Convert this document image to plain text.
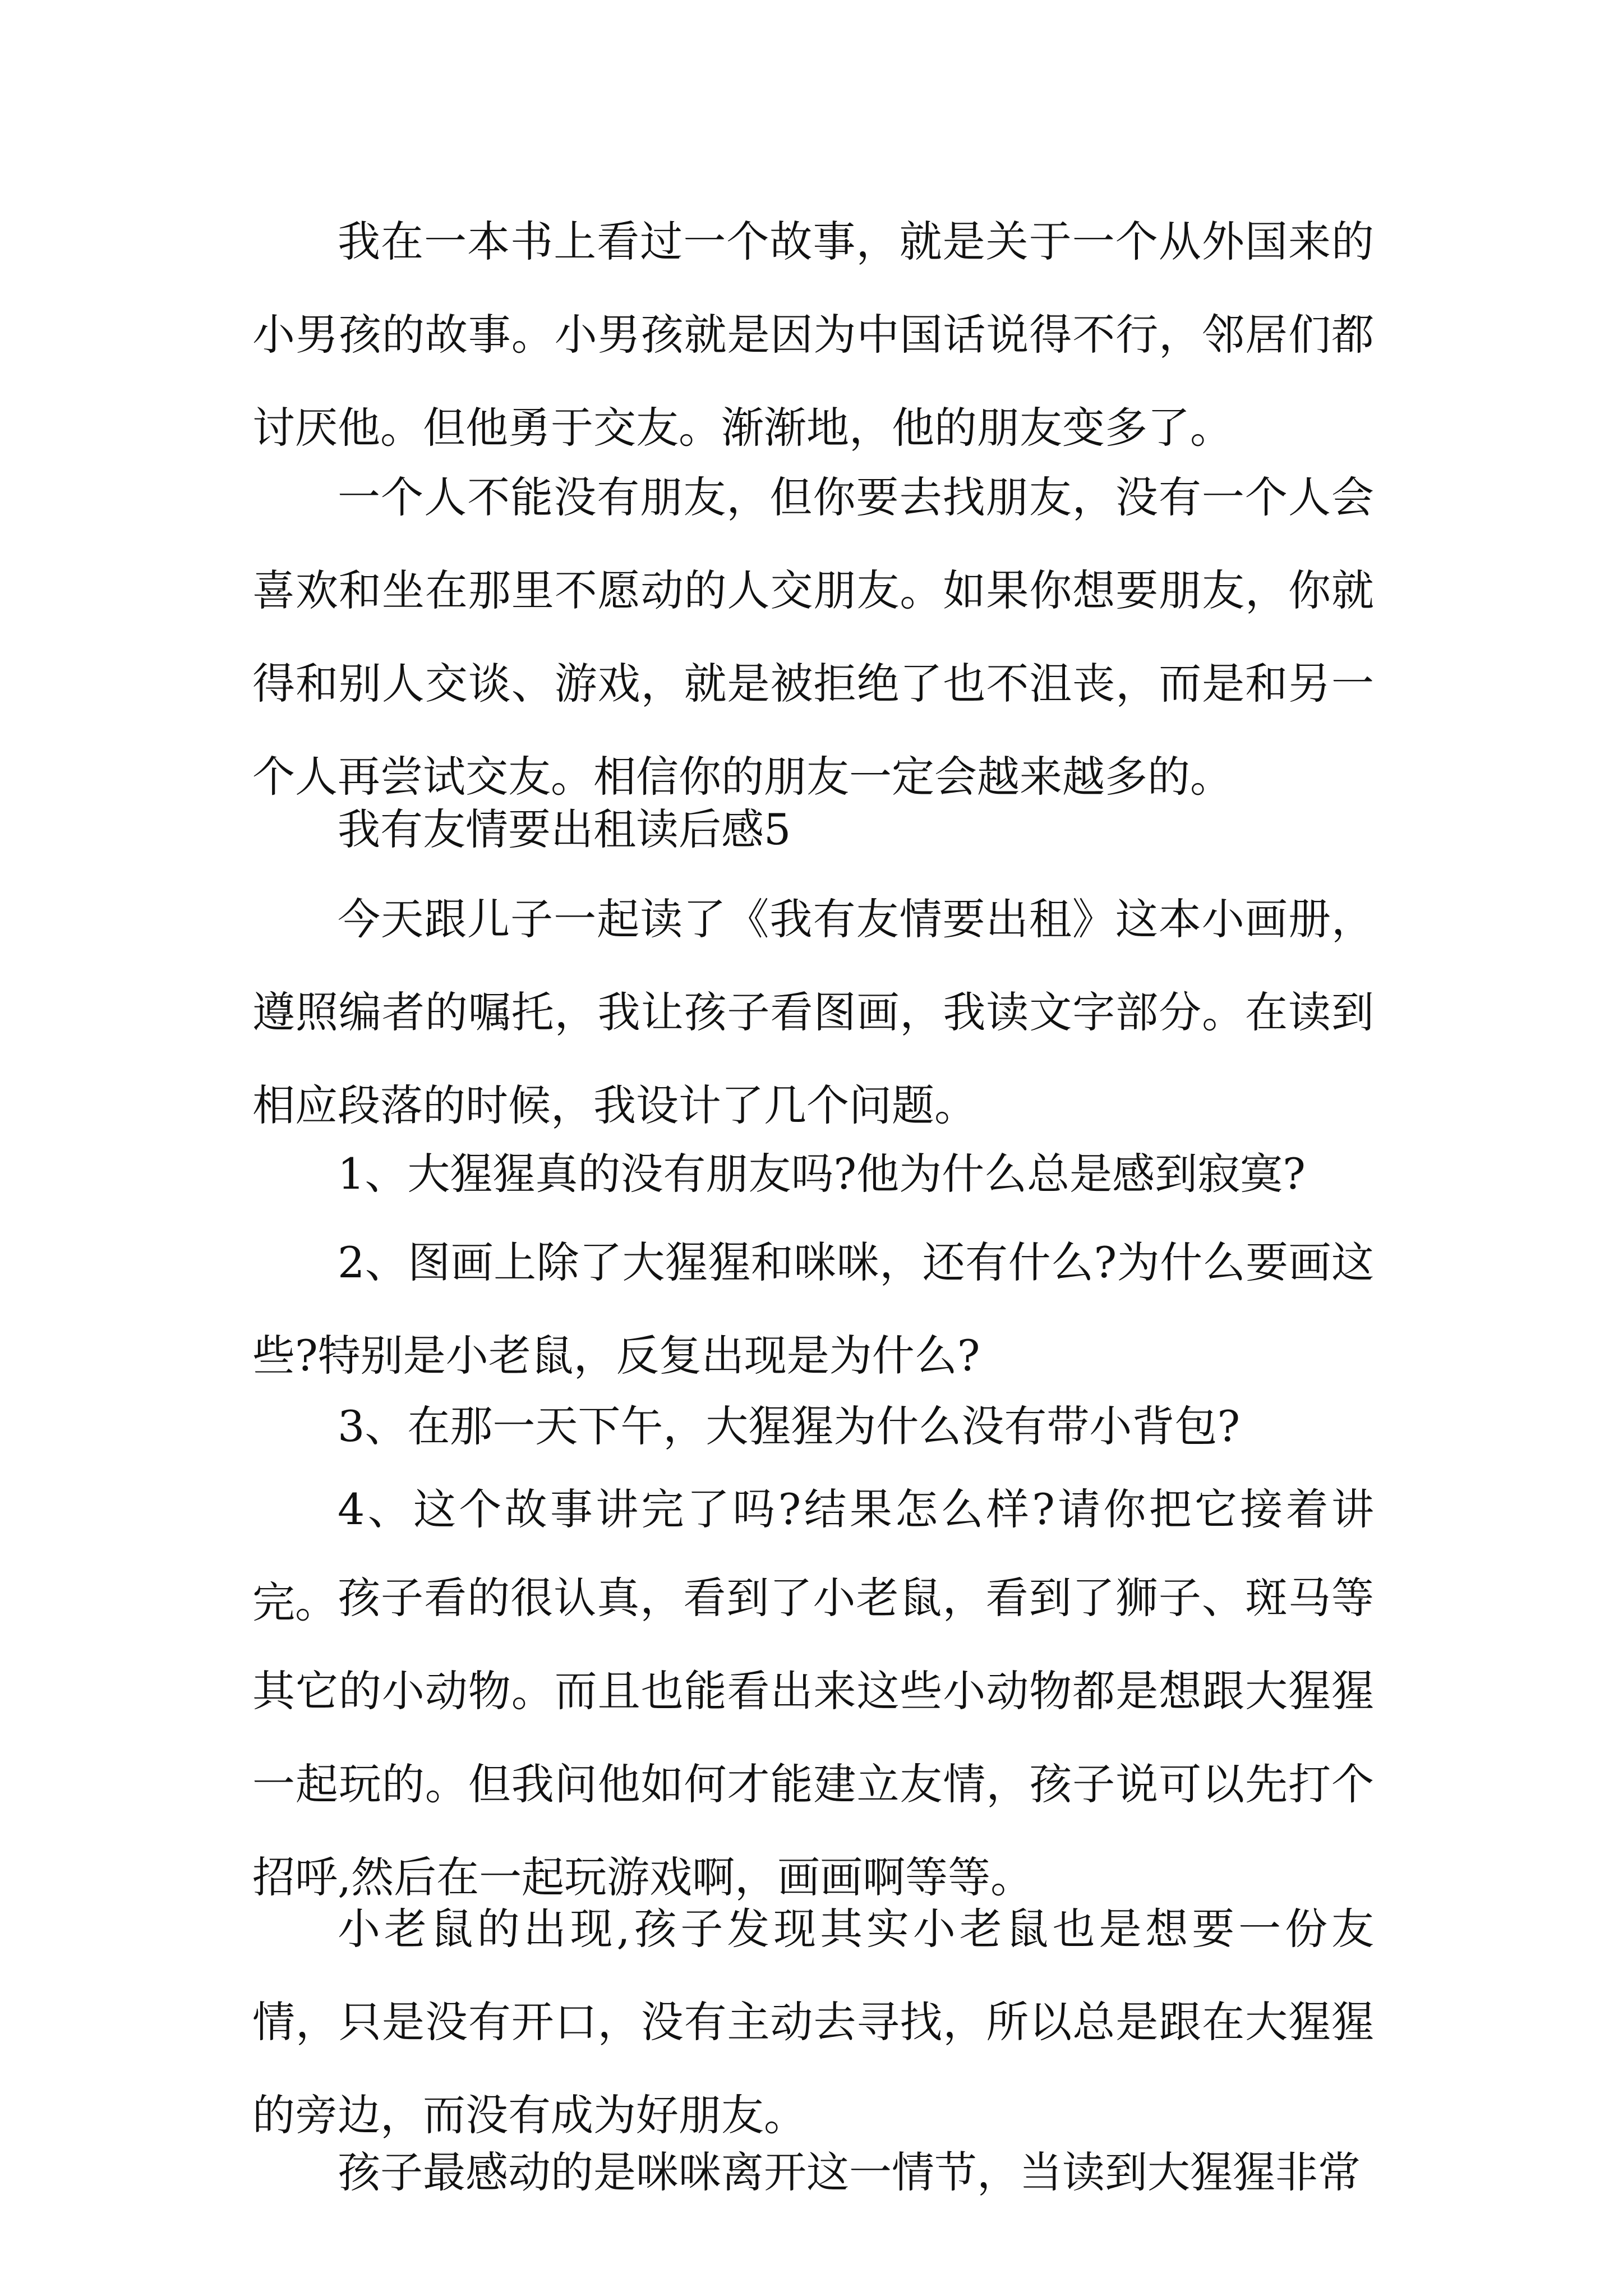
我在一本书上看过一个故事，就是关于一个从外国来的小男孩的故事。小男孩就是因为中国话说得不行，邻居们都讨厌他。但他勇于交友。渐渐地，他的朋友变多了。

一个人不能没有朋友，但你要去找朋友，没有一个人会喜欢和坐在那里不愿动的人交朋友。如果你想要朋友，你就得和别人交谈、游戏，就是被拒绝了也不沮丧，而是和另一个人再尝试交友。相信你的朋友一定会越来越多的。

我有友情要出租读后感5

今天跟儿子一起读了《我有友情要出租》这本小画册，遵照编者的嘱托，我让孩子看图画，我读文字部分。在读到相应段落的时候，我设计了几个问题。

1、大猩猩真的没有朋友吗?他为什么总是感到寂寞?

2、图画上除了大猩猩和咪咪，还有什么?为什么要画这些?特别是小老鼠，反复出现是为什么?

3、在那一天下午，大猩猩为什么没有带小背包?

4、这个故事讲完了吗?结果怎么样?请你把它接着讲完。 孩子看的很认真，看到了小老鼠，看到了狮子、斑马等其它的小动物。而且也能看出来这些小动物都是想跟大猩猩一起玩的。但我问他如何才能建立友情，孩子说可以先打个招呼,然后在一起玩游戏啊，画画啊等等。

小老鼠的出现,孩子发现其实小老鼠也是想要一份友情，只是没有开口，没有主动去寻找，所以总是跟在大猩猩的旁边，而没有成为好朋友。

孩子最感动的是咪咪离开这一情节，当读到大猩猩非常
